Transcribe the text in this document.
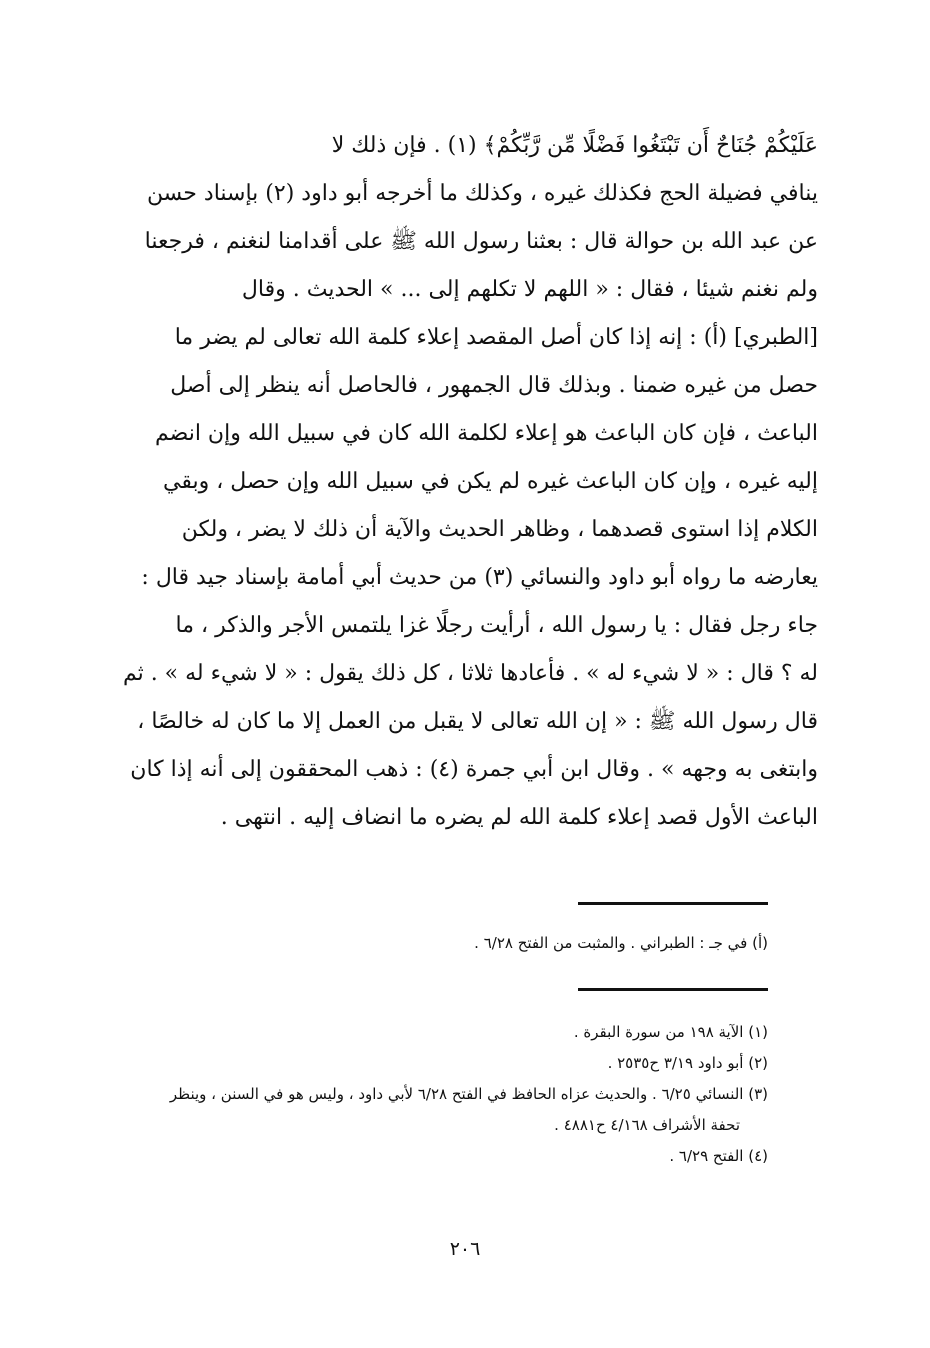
عَلَيْكُمْ جُنَاحٌ أَن تَبْتَغُوا فَضْلًا مِّن رَّبِّكُمْ﴾ (١) . فإن ذلك لا
ينافي فضيلة الحج فكذلك غيره ، وكذلك ما أخرجه أبو داود (٢) بإسناد حسن
عن عبد الله بن حوالة قال : بعثنا رسول الله ﷺ على أقدامنا لنغنم ، فرجعنا
ولم نغنم شيئا ، فقال : « اللهم لا تكلهم إلى ... » الحديث . وقال
[الطبري] (أ) : إنه إذا كان أصل المقصد إعلاء كلمة الله تعالى لم يضر ما
حصل من غيره ضمنا . وبذلك قال الجمهور ، فالحاصل أنه ينظر إلى أصل
الباعث ، فإن كان الباعث هو إعلاء لكلمة الله كان في سبيل الله وإن انضم
إليه غيره ، وإن كان الباعث غيره لم يكن في سبيل الله وإن حصل ، وبقي
الكلام إذا استوى قصدهما ، وظاهر الحديث والآية أن ذلك لا يضر ، ولكن
يعارضه ما رواه أبو داود والنسائي (٣) من حديث أبي أمامة بإسناد جيد قال :
جاء رجل فقال : يا رسول الله ، أرأيت رجلًا غزا يلتمس الأجر والذكر ، ما
له ؟ قال : « لا شيء له » . فأعادها ثلاثا ، كل ذلك يقول : « لا شيء له » . ثم
قال رسول الله ﷺ : « إن الله تعالى لا يقبل من العمل إلا ما كان له خالصًا ،
وابتغى به وجهه » . وقال ابن أبي جمرة (٤) : ذهب المحققون إلى أنه إذا كان
الباعث الأول قصد إعلاء كلمة الله لم يضره ما انضاف إليه . انتهى .
(أ) في جـ : الطبراني . والمثبت من الفتح ٦/٢٨ .
(١) الآية ١٩٨ من سورة البقرة .
(٢) أبو داود ٣/١٩ ح٢٥٣٥ .
(٣) النسائي ٦/٢٥ . والحديث عزاه الحافظ في الفتح ٦/٢٨ لأبي داود ، وليس هو في السنن ، وينظر
تحفة الأشراف ٤/١٦٨ ح٤٨٨١ .
(٤) الفتح ٦/٢٩ .
٢٠٦
